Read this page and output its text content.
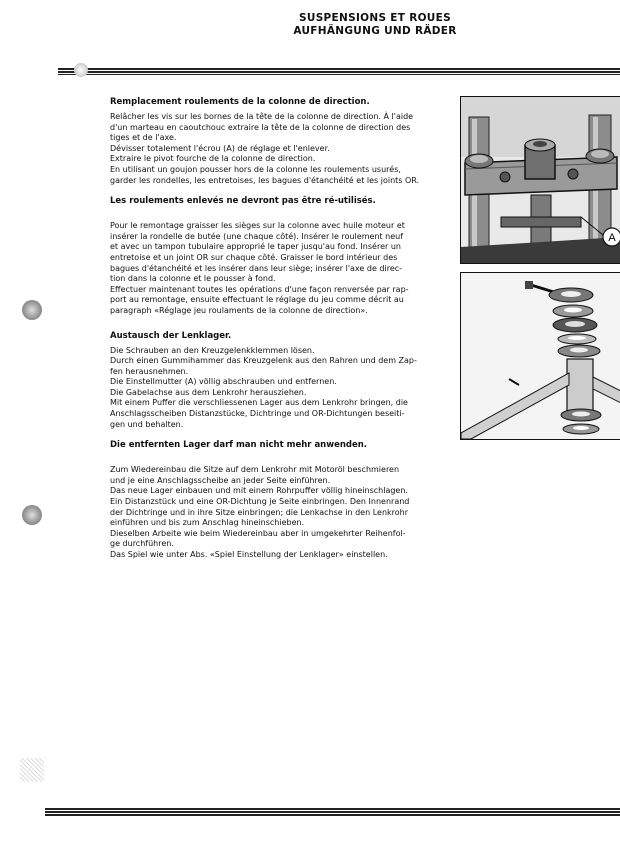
SUSPENSIONS ET ROUES
AUFHÄNGUNG UND RÄDER
Remplacement roulements de la colonne de direction.

Relâcher les vis sur les bornes de la tête de la colonne de direction. À l'aide

d'un marteau en caoutchouc extraire la tête de la colonne de direction des

tiges et de l'axe.

Dévisser totalement l'écrou (A) de réglage et l'enlever.

Extraire le pivot fourche de la colonne de direction.

En utilisant un goujon pousser hors de la colonne les roulements usurés,

garder les rondelles, les entretoises, les bagues d'étanchéité et les joints OR.

Les roulements enlevés ne devront pas être ré-utilisés.

Pour le remontage graisser les sièges sur la colonne avec huile moteur et

insérer la rondelle de butée (une chaque côté). Insérer le roulement neuf

et avec un tampon tubulaire approprié le taper jusqu'au fond. Insérer un

entretoise et un joint OR sur chaque côté. Graisser le bord intérieur des

bagues d'étanchéité et les insérer dans leur siège; insérer l'axe de direc-

tion dans la colonne et le pousser à fond.

Effectuer maintenant toutes les opérations d'une façon renversée par rap-

port au remontage, ensuite effectuant le réglage du jeu comme décrit au

paragraph «Réglage jeu roulaments de la colonne de direction».

Austausch der Lenklager.

Die Schrauben an den Kreuzgelenkklemmen lösen.

Durch einen Gummihammer das Kreuzgelenk aus den Rahren und dem Zap-

fen herausnehmen.

Die Einstellmutter (A) völlig abschrauben und entfernen.

Die Gabelachse aus dem Lenkrohr herausziehen.

Mit einem Puffer die verschliessenen Lager aus dem Lenkrohr bringen, die

Anschlagsscheiben Distanzstücke, Dichtringe und OR-Dichtungen beseiti-

gen und behalten.

Die entfernten Lager darf man nicht mehr anwenden.

Zum Wiedereinbau die Sitze auf dem Lenkrohr mit Motoröl beschmieren

und je eine Anschlagsscheibe an jeder Seite einführen.

Das neue Lager einbauen und mit einem Rohrpuffer völlig hineinschlagen.

Ein Distanzstück und eine OR-Dichtung je Seite einbringen. Den Innenrand

der Dichtringe und in ihre Sitze einbringen; die Lenkachse in den Lenkrohr

einführen und bis zum Anschlag hineinschieben.

Dieselben Arbeite wie beim Wiedereinbau aber in umgekehrter Reihenfol-

ge durchführen.

Das Spiel wie unter Abs. «Spiel Einstellung der Lenklager» einstellen.

A
